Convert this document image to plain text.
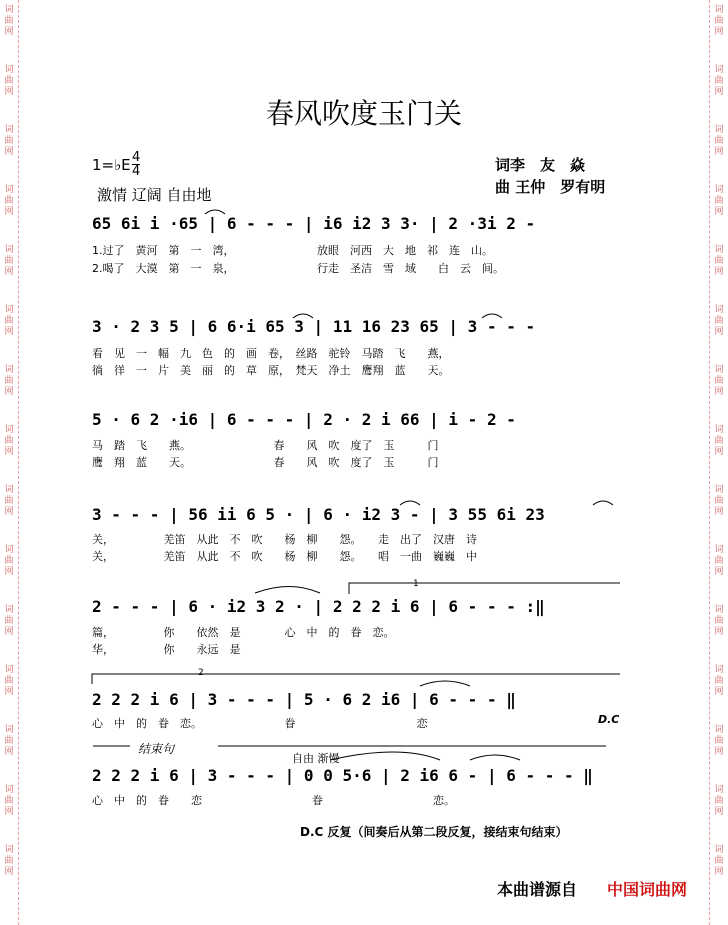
词
曲
网
词
曲
网
词
曲
网
词
曲
网
词
曲
网
词
曲
网
词
曲
网
词
曲
网
词
曲
网
词
曲
网
词
曲
网
词
曲
网
词
曲
网
词
曲
网
词
曲
网
词
曲
网
词
曲
网
词
曲
网
词
曲
网
词
曲
网
词
曲
网
词
曲
网
词
曲
网
词
曲
网
词
曲
网
词
曲
网
词
曲
网
词
曲
网
词
曲
网
词
曲
网
春风吹度玉门关
1=♭E $\frac{4}{4}$
激情 辽阔 自由地
词李　友　焱
曲 王仲　罗有明
65 6i i ·65 | 6 - - - | i6 i2 3 3· | 2 ·3i 2 -
1.过了　黄河　第　一　湾，　　　　　　　　放眼　河西　大　地　祁　连　山。
2.喝了　大漠　第　一　泉，　　　　　　　　行走　圣洁　雪　域　　白　云　间。
3 · 2 3 5 | 6 6·i 65 3 | 11 16 23 65 | 3 - - -
看　见　一　幅　九　色　的　画　卷，　丝路　驼铃　马踏　飞　　燕，
徜　徉　一　片　美　丽　的　草　原，　梵天　净土　鹰翔　蓝　　天。
5 · 6 2 ·i6 | 6 - - - | 2 · 2 i 66 | i - 2 -
马　踏　飞　　燕。　　　　　　　　春　　风　吹　度了　玉　　　门
鹰　翔　蓝　　天。　　　　　　　　春　　风　吹　度了　玉　　　门
3 - - - | 56 ii 6 5 · | 6 · i2 3 - | 3 55 6i 23
关，　　　　　羌笛　从此　不　吹　　杨　柳　　怨。　　走　出了　汉唐　诗
关，　　　　　羌笛　从此　不　吹　　杨　柳　　怨。　　唱　一曲　巍巍　中
2 - - - | 6 · i2 3 2 · | 2 2 2 i 6 | 6 - - - :‖
篇，　　　　　你　　依然　是　　　　心　中　的　眷　恋。
华，　　　　　你　　永远　是
2 2 2 i 6 | 3 - - - | 5 · 6 2 i6 | 6 - - - ‖
心　中　的　眷　恋。　　　　　　　　眷　　　　　　　　　　　恋	D.C
结束句
自由 渐慢
2 2 2 i 6 | 3 - - - | 0 0 5·6 | 2 i6 6 - | 6 - - - ‖
心　中　的　眷　　恋　　　　　　　　　　眷　　　　　　　　　　恋。
1
2
D.C 反复（间奏后从第二段反复，接结束句结束）
本曲谱源自 中国词曲网
